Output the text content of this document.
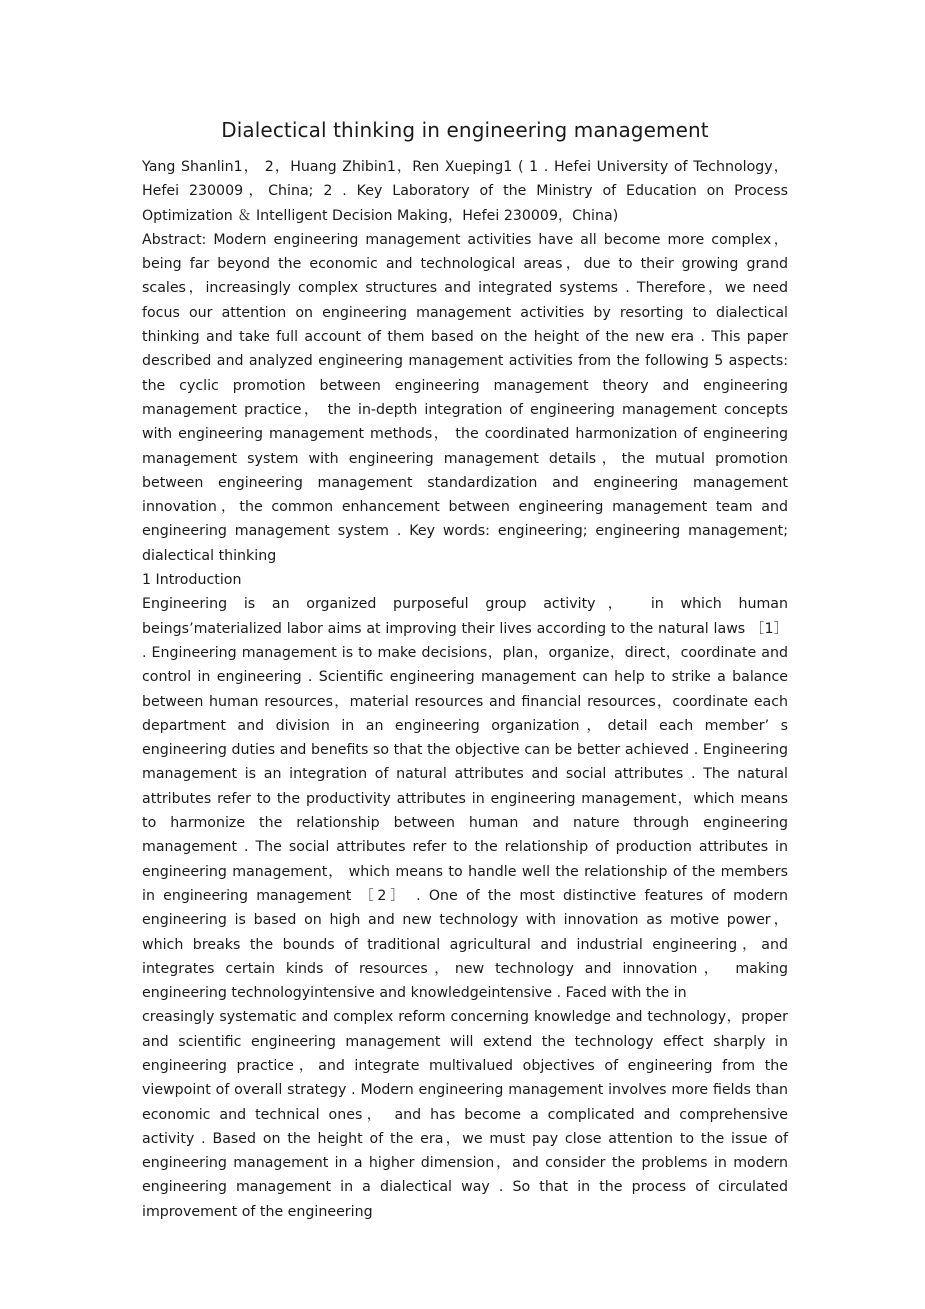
Dialectical thinking in engineering management

Yang Shanlin1， 2，Huang Zhibin1，Ren Xueping1 ( 1 . Hefei University of Technology，Hefei 230009，China; 2 . Key Laboratory of the Ministry of Education on Process Optimization ＆ Intelligent Decision Making，Hefei 230009，China)

Abstract: Modern engineering management activities have all become more complex， being far beyond the economic and technological areas，due to their growing grand scales，increasingly complex structures and integrated systems . Therefore，we need focus our attention on engineering management activities by resorting to dialectical thinking and take full account of them based on the height of the new era . This paper described and analyzed engineering management activities from the following 5 aspects: the cyclic promotion between engineering management theory and engineering management practice， the in-depth integration of engineering management concepts with engineering management methods， the coordinated harmonization of engineering management system with engineering management details，the mutual promotion between engineering management standardization and engineering management innovation，the common enhancement between engineering management team and engineering management system . Key words: engineering; engineering management; dialectical thinking

1 Introduction

Engineering is an organized purposeful group activity， in which human beings’materialized labor aims at improving their lives according to the natural laws ［1］ . Engineering management is to make decisions，plan，organize，direct，coordinate and control in engineering . Scientific engineering management can help to strike a balance between human resources，material resources and financial resources，coordinate each department and division in an engineering organization，detail each member’ s engineering duties and benefits so that the objective can be better achieved . Engineering management is an integration of natural attributes and social attributes . The natural attributes refer to the productivity attributes in engineering management，which means to harmonize the relationship between human and nature through engineering management . The social attributes refer to the relationship of production attributes in engineering management， which means to handle well the relationship of the members in engineering management ［2］ . One of the most distinctive features of modern engineering is based on high and new technology with innovation as motive power，which breaks the bounds of traditional agricultural and industrial engineering，and integrates certain kinds of resources，new technology and innovation， making engineering technologyintensive and knowledgeintensive . Faced with the in

creasingly systematic and complex reform concerning knowledge and technology，proper and scientific engineering management will extend the technology effect sharply in engineering practice，and integrate multivalued objectives of engineering from the viewpoint of overall strategy . Modern engineering management involves more fields than economic and technical ones， and has become a complicated and comprehensive activity . Based on the height of the era，we must pay close attention to the issue of engineering management in a higher dimension，and consider the problems in modern engineering management in a dialectical way . So that in the process of circulated improvement of the engineering
